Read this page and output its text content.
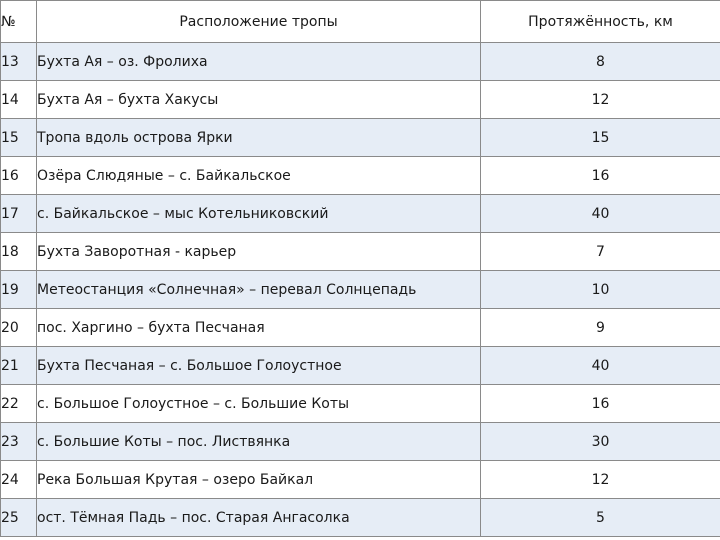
№	Расположение тропы	Протяжённость, км
13	Бухта Ая – оз. Фролиха	8
14	Бухта Ая – бухта Хакусы	12
15	Тропа вдоль острова Ярки	15
16	Озёра Слюдяные – с. Байкальское	16
17	с. Байкальское – мыс Котельниковский	40
18	Бухта Заворотная - карьер	7
19	Метеостанция «Солнечная» – перевал Солнцепадь	10
20	пос. Харгино – бухта Песчаная	9
21	Бухта Песчаная – с. Большое Голоустное	40
22	с. Большое Голоустное – с. Большие Коты	16
23	с. Большие Коты – пос. Листвянка	30
24	Река Большая Крутая – озеро Байкал	12
25	ост. Тёмная Падь – пос. Старая Ангасолка	5
